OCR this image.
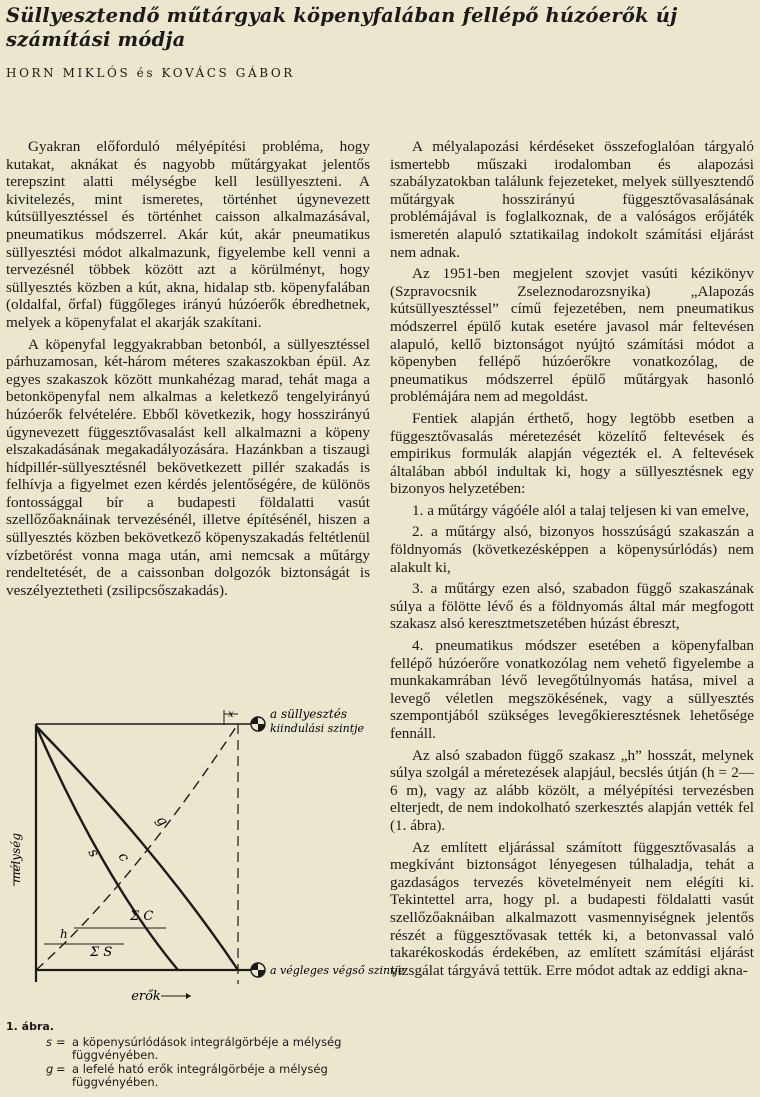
Süllyesztendő műtárgyak köpenyfalában fellépő húzóerők új számítási módja
HORN MIKLÓS és KOVÁCS GÁBOR

Gyakran előforduló mélyépítési probléma, hogy kutakat, aknákat és nagyobb műtárgyakat jelentős terepszint alatti mélységbe kell lesüllyeszteni. A kivitelezés, mint ismeretes, történhet úgynevezett kútsüllyesztéssel és történhet caisson alkalmazásával, pneumatikus módszerrel. Akár kút, akár pneumatikus süllyesztési módot alkalmazunk, figyelembe kell venni a tervezésnél többek között azt a körülményt, hogy süllyesztés közben a kút, akna, hidalap stb. köpenyfalában (oldalfal, őrfal) függőleges irányú húzóerők ébredhetnek, melyek a köpenyfalat el akarják szakítani.

A köpenyfal leggyakrabban betonból, a süllyesztéssel párhuzamosan, két-három méteres szakaszokban épül. Az egyes szakaszok között munkahézag marad, tehát maga a betonköpenyfal nem alkalmas a keletkező tengelyirányú húzóerők felvételére. Ebből következik, hogy hosszirányú úgynevezett függesztővasalást kell alkalmazni a köpeny elszakadásának megakadályozására. Hazánkban a tiszaugi hídpillér-süllyesztésnél bekövetkezett pillér szakadás is felhívja a figyelmet ezen kérdés jelentőségére, de különös fontossággal bír a budapesti földalatti vasút szellőzőaknáinak tervezésénél, illetve építésénél, hiszen a süllyesztés közben bekövetkező köpenyszakadás feltétlenül vízbetörést vonna maga után, ami nemcsak a műtárgy rendeltetését, de a caissonban dolgozók biztonságát is veszélyeztetheti (zsilipcsőszakadás).

A mélyalapozási kérdéseket összefoglalóan tárgyaló ismertebb műszaki irodalomban és alapozási szabályzatokban találunk fejezeteket, melyek süllyesztendő műtárgyak hosszirányú függesztővasalásának problémájával is foglalkoznak, de a valóságos erőjáték ismeretén alapuló sztatikailag indokolt számítási eljárást nem adnak.

Az 1951-ben megjelent szovjet vasúti kézikönyv (Szpravocsnik Zseleznodarozsnyika) „Alapozás kútsüllyesztéssel” című fejezetében, nem pneumatikus módszerrel épülő kutak esetére javasol már feltevésen alapuló, kellő biztonságot nyújtó számítási módot a köpenyben fellépő húzóerőkre vonatkozólag, de pneumatikus módszerrel épülő műtárgyak hasonló problémájára nem ad megoldást.

Fentiek alapján érthető, hogy legtöbb esetben a függesztővasalás méretezését közelítő feltevések és empirikus formulák alapján végezték el. A feltevések általában abból indultak ki, hogy a süllyesztésnek egy bizonyos helyzetében:

1. a műtárgy vágóéle alól a talaj teljesen ki van emelve,

2. a műtárgy alsó, bizonyos hosszúságú szakaszán a földnyomás (következésképpen a köpenysúrlódás) nem alakult ki,

3. a műtárgy ezen alsó, szabadon függő szakaszának súlya a fölötte lévő és a földnyomás által már megfogott szakasz alsó keresztmetszetében húzást ébreszt,

4. pneumatikus módszer esetében a köpenyfalban fellépő húzóerőre vonatkozólag nem vehető figyelembe a munkakamrában lévő levegőtúlnyomás hatása, mivel a levegő véletlen megszökésének, vagy a süllyesztés szempontjából szükséges levegőkieresztésnek lehetősége fennáll.

Az alsó szabadon függő szakasz „h” hosszát, melynek súlya szolgál a méretezések alapjául, becslés útján (h = 2—6 m), vagy az alább közölt, a mélyépítési tervezésben elterjedt, de nem indokolható szerkesztés alapján vették fel (1. ábra).

Az említett eljárással számított függesztővasalás a megkívánt biztonságot lényegesen túlhaladja, tehát a gazdaságos tervezés követelményeit nem elégíti ki. Tekintettel arra, hogy pl. a budapesti földalatti vasút szellőzőaknáiban alkalmazott vasmennyiségnek jelentős részét a függesztővasak tették ki, a betonvassal való takarékoskodás érdekében, az említett számítási eljárást vizsgálat tárgyává tettük. Erre módot adtak az eddigi akna-

x	a süllyesztés
kiindulási szintje
a végleges végső szintje
g
c
s
Σ C
Σ S
h
mélység
erők
1. ábra.
s = a köpenysúrlódások integrálgörbéje a mélység függvényében.
g = a lefelé ható erők integrálgörbéje a mélység függvényében.
